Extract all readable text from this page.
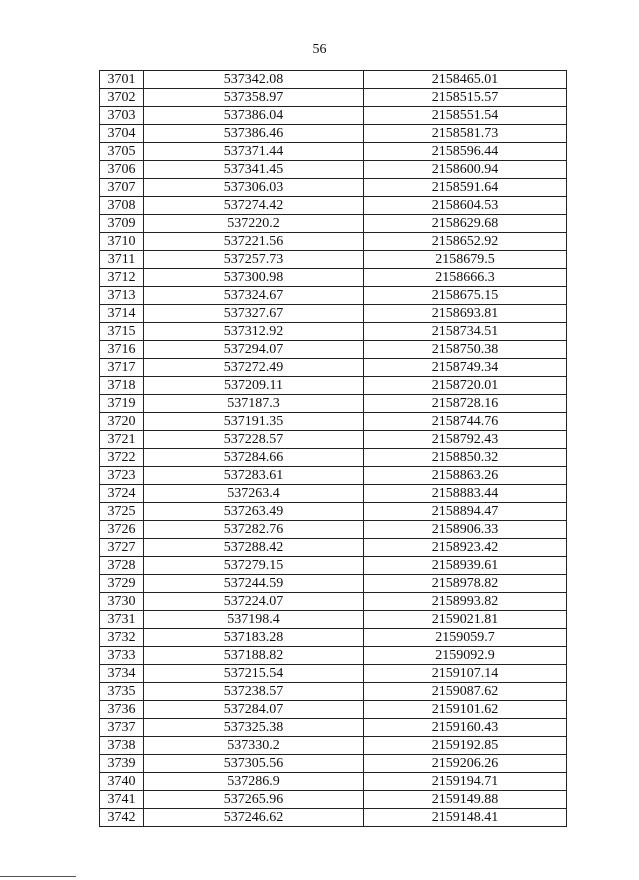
56
3701	537342.08	2158465.01
3702	537358.97	2158515.57
3703	537386.04	2158551.54
3704	537386.46	2158581.73
3705	537371.44	2158596.44
3706	537341.45	2158600.94
3707	537306.03	2158591.64
3708	537274.42	2158604.53
3709	537220.2	2158629.68
3710	537221.56	2158652.92
3711	537257.73	2158679.5
3712	537300.98	2158666.3
3713	537324.67	2158675.15
3714	537327.67	2158693.81
3715	537312.92	2158734.51
3716	537294.07	2158750.38
3717	537272.49	2158749.34
3718	537209.11	2158720.01
3719	537187.3	2158728.16
3720	537191.35	2158744.76
3721	537228.57	2158792.43
3722	537284.66	2158850.32
3723	537283.61	2158863.26
3724	537263.4	2158883.44
3725	537263.49	2158894.47
3726	537282.76	2158906.33
3727	537288.42	2158923.42
3728	537279.15	2158939.61
3729	537244.59	2158978.82
3730	537224.07	2158993.82
3731	537198.4	2159021.81
3732	537183.28	2159059.7
3733	537188.82	2159092.9
3734	537215.54	2159107.14
3735	537238.57	2159087.62
3736	537284.07	2159101.62
3737	537325.38	2159160.43
3738	537330.2	2159192.85
3739	537305.56	2159206.26
3740	537286.9	2159194.71
3741	537265.96	2159149.88
3742	537246.62	2159148.41
